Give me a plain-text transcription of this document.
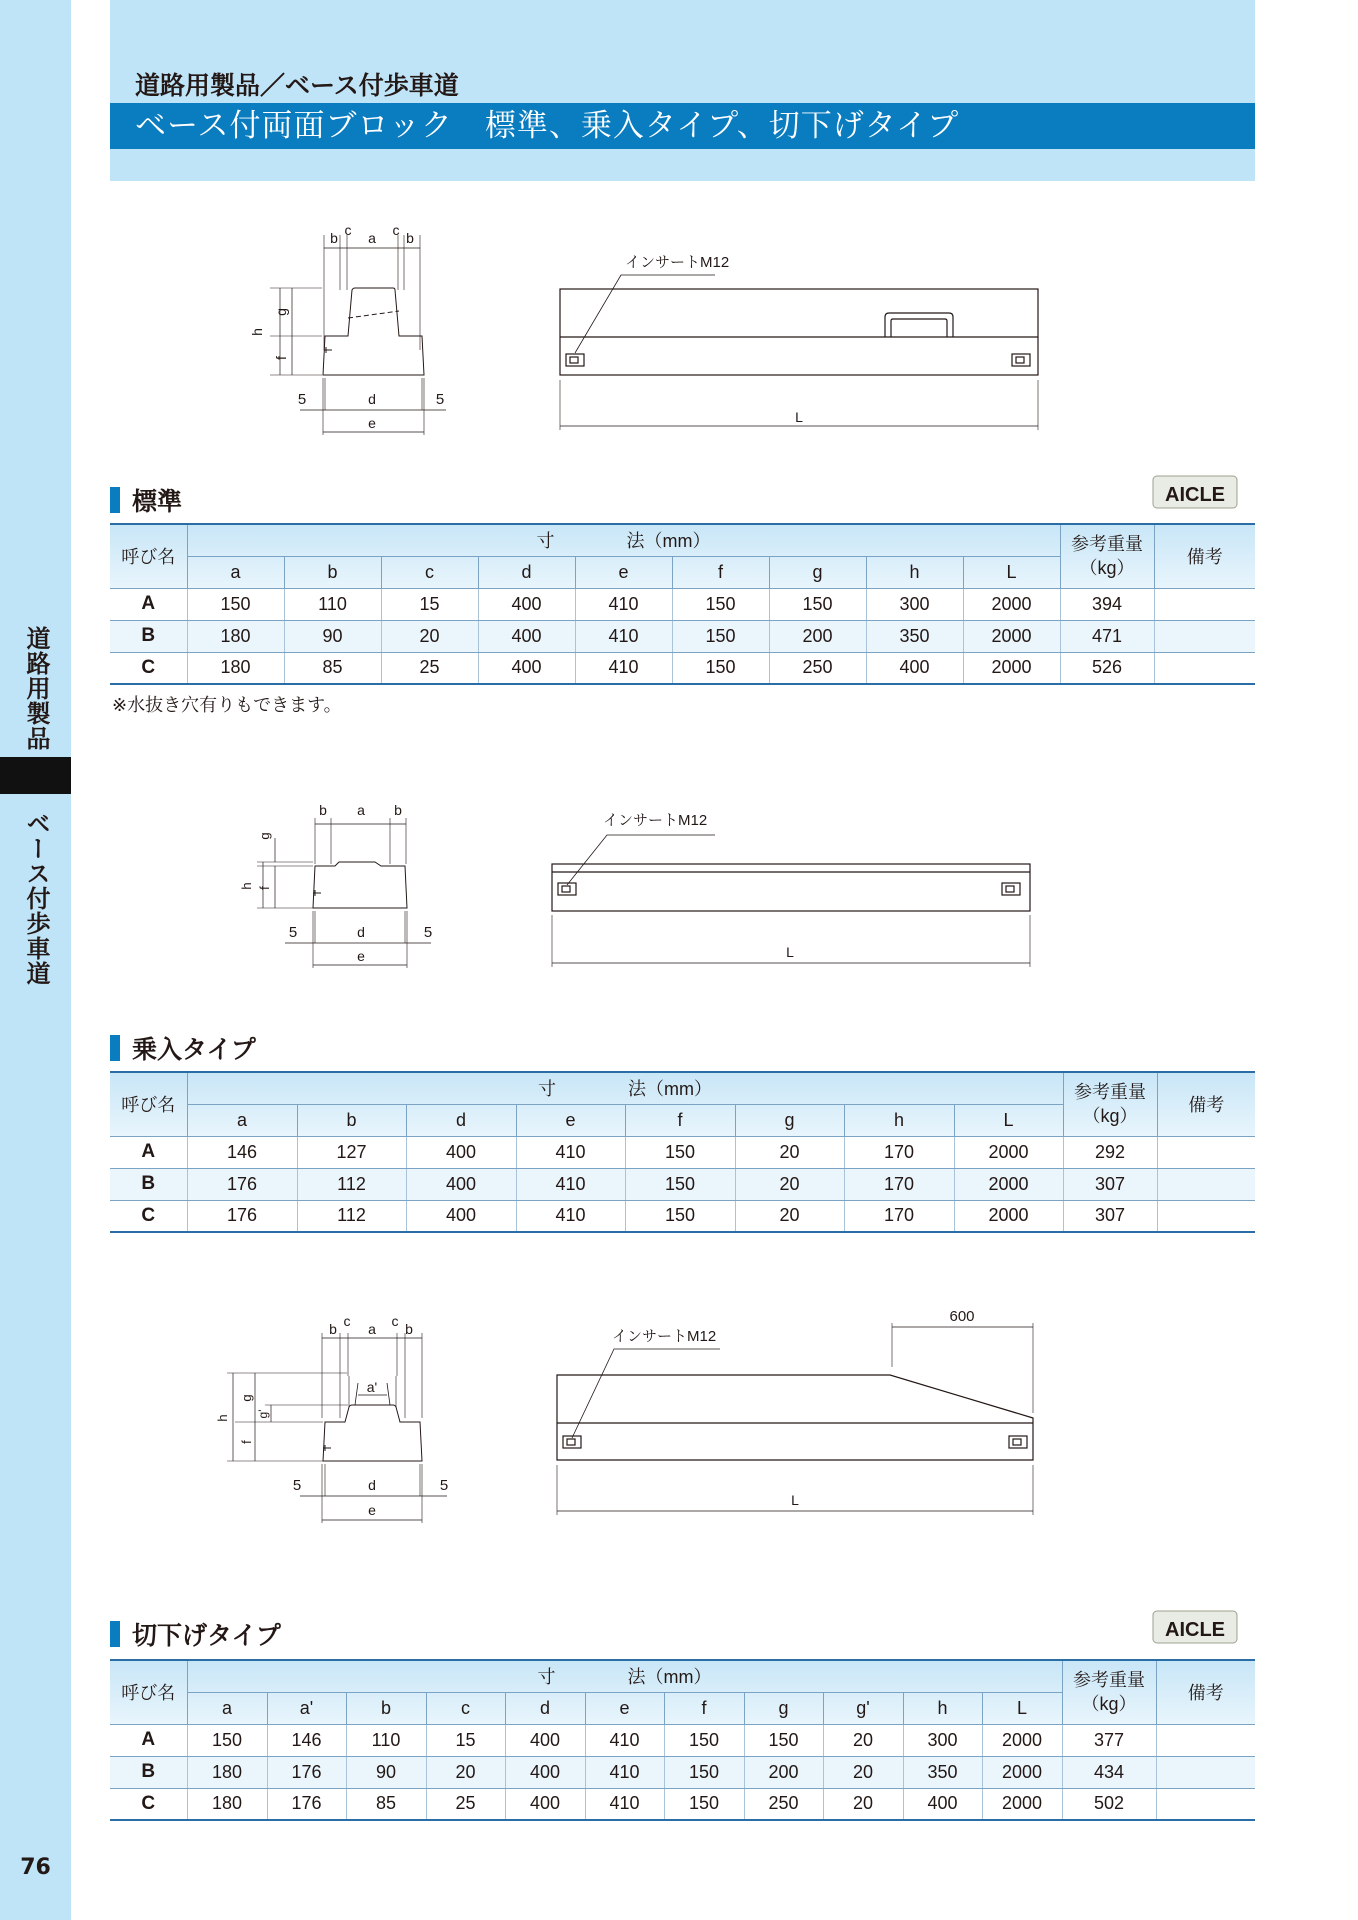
道路用製品
ベース付歩車道
76
道路用製品／ベース付歩車道
ベース付両面ブロック　標準、乗入タイプ、切下げタイプ
b c a c b
g
f
h
5	d	5
e
インサートM12
L
標準	AICLE
呼び名	寸　　　　法（mm）									参考重量
（kg）	備考
	a	b	c	d	e	f	g	h	L		
A	150	110	15	400	410	150	150	300	2000	394	
B	180	90	20	400	410	150	200	350	2000	471	
C	180	85	25	400	410	150	250	400	2000	526	
※水抜き穴有りもできます。
b a b
g
f
h
5	d	5
e
インサートM12
L
乗入タイプ
呼び名	寸　　　　法（mm）								参考重量
（kg）	備考
	a	b	d	e	f	g	h	L		
A	146	127	400	410	150	20	170	2000	292	
B	176	112	400	410	150	20	170	2000	307	
C	176	112	400	410	150	20	170	2000	307	
b c a c b
a'
g
g'
f
h
5	d	5
e
600
インサートM12
L
切下げタイプ	AICLE
呼び名	寸　　　　法（mm）											参考重量
（kg）	備考
	a	a'	b	c	d	e	f	g	g'	h	L		
A	150	146	110	15	400	410	150	150	20	300	2000	377	
B	180	176	90	20	400	410	150	200	20	350	2000	434	
C	180	176	85	25	400	410	150	250	20	400	2000	502	
